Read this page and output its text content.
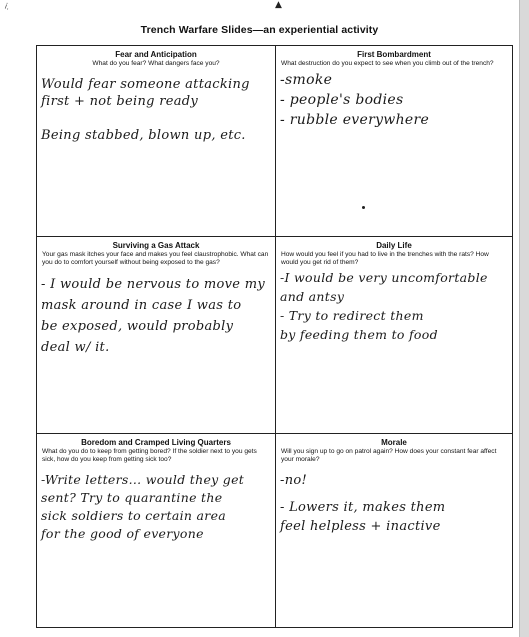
ⅰ.	▲
Trench Warfare Slides—an experiential activity
Fear and Anticipation
What do you fear? What dangers face you?
Would fear someone attacking
first + not being ready
Being stabbed, blown up, etc.
First Bombardment
What destruction do you expect to see when you climb out of the trench?
-smoke
- people's bodies
- rubble everywhere
Surviving a Gas Attack
Your gas mask itches your face and makes you feel claustrophobic. What can you do to comfort yourself without being exposed to the gas?
- I would be nervous to move my
mask around in case I was to
be exposed, would probably
deal w/ it.
Daily Life
How would you feel if you had to live in the trenches with the rats? How would you get rid of them?
-I would be very uncomfortable
and antsy
- Try to redirect them
by feeding them to food
Boredom and Cramped Living Quarters
What do you do to keep from getting bored? If the soldier next to you gets sick, how do you keep from getting sick too?
-Write letters... would they get
sent? Try to quarantine the
sick soldiers to certain area
for the good of everyone
Morale
Will you sign up to go on patrol again? How does your constant fear affect your morale?
-no!
- Lowers it, makes them
feel helpless + inactive
